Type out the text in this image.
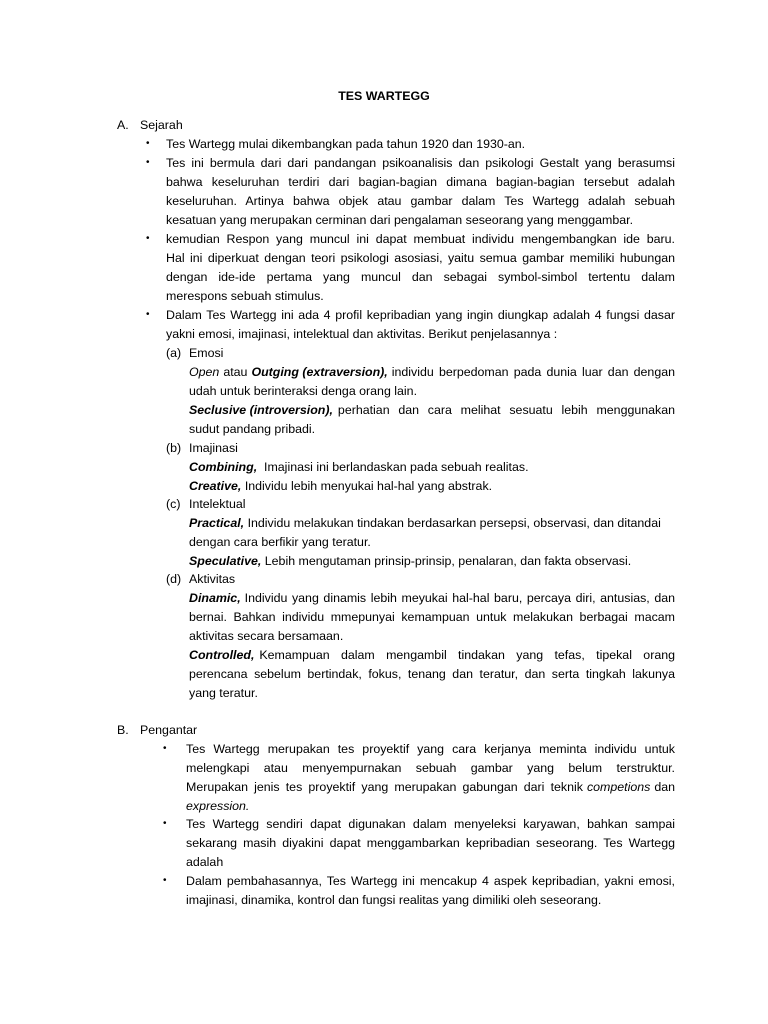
TES WARTEGG
A. Sejarah
• Tes Wartegg mulai dikembangkan pada tahun 1920 dan 1930-an.
• Tes ini bermula dari dari pandangan psikoanalisis dan psikologi Gestalt yang berasumsi
bahwa keseluruhan terdiri dari bagian-bagian dimana bagian-bagian tersebut adalah
keseluruhan. Artinya bahwa objek atau gambar dalam Tes Wartegg adalah sebuah
kesatuan yang merupakan cerminan dari pengalaman seseorang yang menggambar.
• kemudian Respon yang muncul ini dapat membuat individu mengembangkan ide baru.
Hal ini diperkuat dengan teori psikologi asosiasi, yaitu semua gambar memiliki hubungan
dengan ide-ide pertama yang muncul dan sebagai symbol-simbol tertentu dalam
merespons sebuah stimulus.
• Dalam Tes Wartegg ini ada 4 profil kepribadian yang ingin diungkap adalah 4 fungsi dasar
yakni emosi, imajinasi, intelektual dan aktivitas. Berikut penjelasannya :
(a) Emosi
Open atau Outging (extraversion), individu berpedoman pada dunia luar dan dengan
udah untuk berinteraksi denga orang lain.
Seclusive (introversion), perhatian dan cara melihat sesuatu lebih menggunakan
sudut pandang pribadi.
(b) Imajinasi
Combining, Imajinasi ini berlandaskan pada sebuah realitas.
Creative, Individu lebih menyukai hal-hal yang abstrak.
(c) Intelektual
Practical, Individu melakukan tindakan berdasarkan persepsi, observasi, dan ditandai
dengan cara berfikir yang teratur.
Speculative, Lebih mengutaman prinsip-prinsip, penalaran, dan fakta observasi.
(d) Aktivitas
Dinamic, Individu yang dinamis lebih meyukai hal-hal baru, percaya diri, antusias, dan
bernai. Bahkan individu mmepunyai kemampuan untuk melakukan berbagai macam
aktivitas secara bersamaan.
Controlled, Kemampuan dalam mengambil tindakan yang tefas, tipekal orang
perencana sebelum bertindak, fokus, tenang dan teratur, dan serta tingkah lakunya
yang teratur.
B. Pengantar
• Tes Wartegg merupakan tes proyektif yang cara kerjanya meminta individu untuk
melengkapi atau menyempurnakan sebuah gambar yang belum terstruktur.
Merupakan jenis tes proyektif yang merupakan gabungan dari teknik competions dan
expression.
• Tes Wartegg sendiri dapat digunakan dalam menyeleksi karyawan, bahkan sampai
sekarang masih diyakini dapat menggambarkan kepribadian seseorang. Tes Wartegg
adalah
• Dalam pembahasannya, Tes Wartegg ini mencakup 4 aspek kepribadian, yakni emosi,
imajinasi, dinamika, kontrol dan fungsi realitas yang dimiliki oleh seseorang.
